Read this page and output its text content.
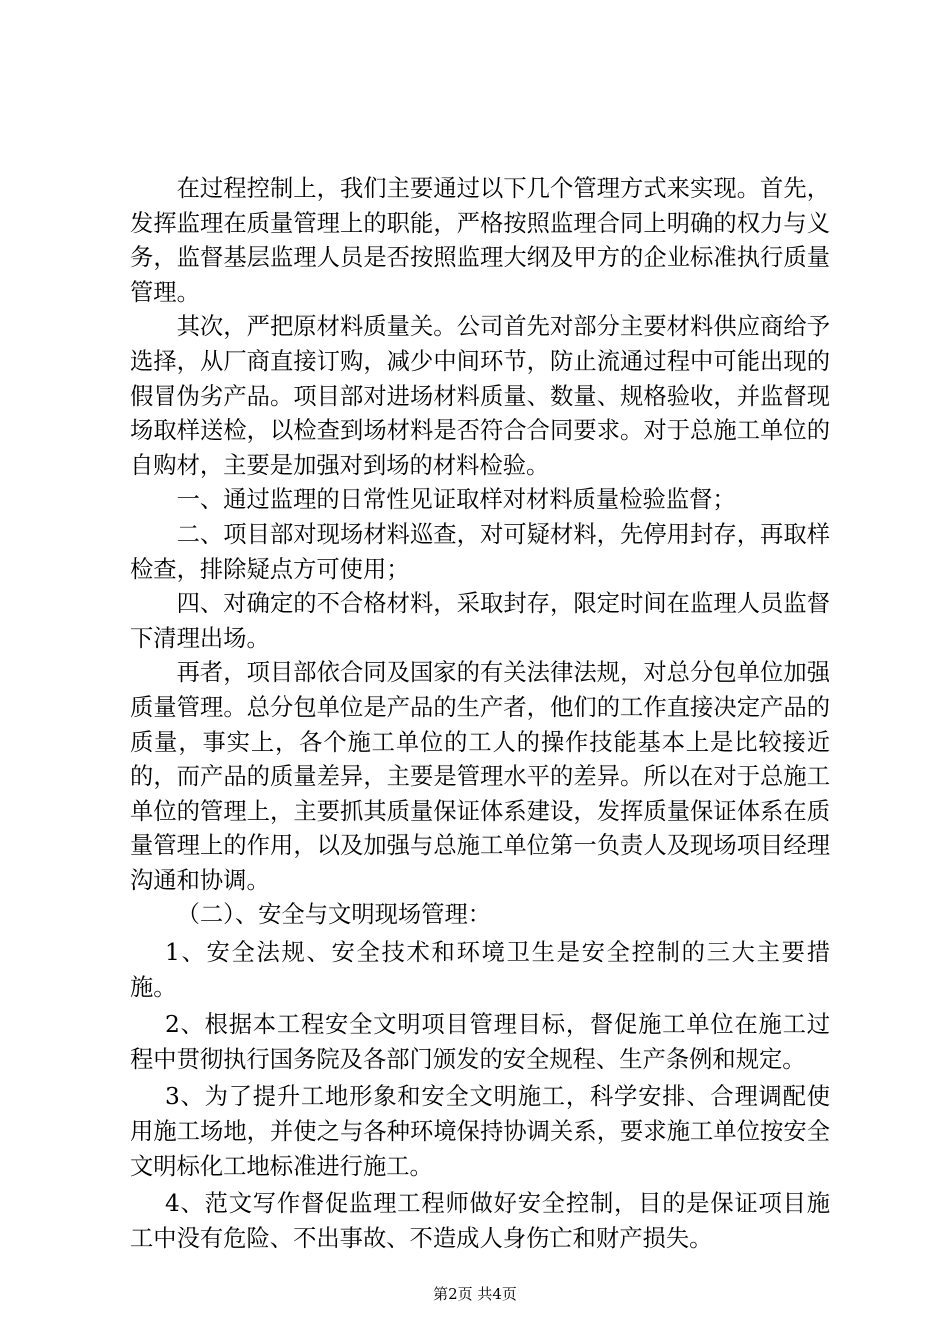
在过程控制上，我们主要通过以下几个管理方式来实现。首先，发挥监理在质量管理上的职能，严格按照监理合同上明确的权力与义务，监督基层监理人员是否按照监理大纲及甲方的企业标准执行质量管理。

其次，严把原材料质量关。公司首先对部分主要材料供应商给予选择，从厂商直接订购，减少中间环节，防止流通过程中可能出现的假冒伪劣产品。项目部对进场材料质量、数量、规格验收，并监督现场取样送检，以检查到场材料是否符合合同要求。对于总施工单位的自购材，主要是加强对到场的材料检验。

一、通过监理的日常性见证取样对材料质量检验监督；

二、项目部对现场材料巡查，对可疑材料，先停用封存，再取样检查，排除疑点方可使用；

四、对确定的不合格材料，采取封存，限定时间在监理人员监督下清理出场。

再者，项目部依合同及国家的有关法律法规，对总分包单位加强质量管理。总分包单位是产品的生产者，他们的工作直接决定产品的质量，事实上，各个施工单位的工人的操作技能基本上是比较接近的，而产品的质量差异，主要是管理水平的差异。所以在对于总施工单位的管理上，主要抓其质量保证体系建设，发挥质量保证体系在质量管理上的作用，以及加强与总施工单位第一负责人及现场项目经理沟通和协调。

（二）、安全与文明现场管理：

1、安全法规、安全技术和环境卫生是安全控制的三大主要措施。

2、根据本工程安全文明项目管理目标，督促施工单位在施工过程中贯彻执行国务院及各部门颁发的安全规程、生产条例和规定。

3、为了提升工地形象和安全文明施工，科学安排、合理调配使用施工场地，并使之与各种环境保持协调关系，要求施工单位按安全文明标化工地标准进行施工。

4、范文写作督促监理工程师做好安全控制，目的是保证项目施工中没有危险、不出事故、不造成人身伤亡和财产损失。

第2页 共4页
